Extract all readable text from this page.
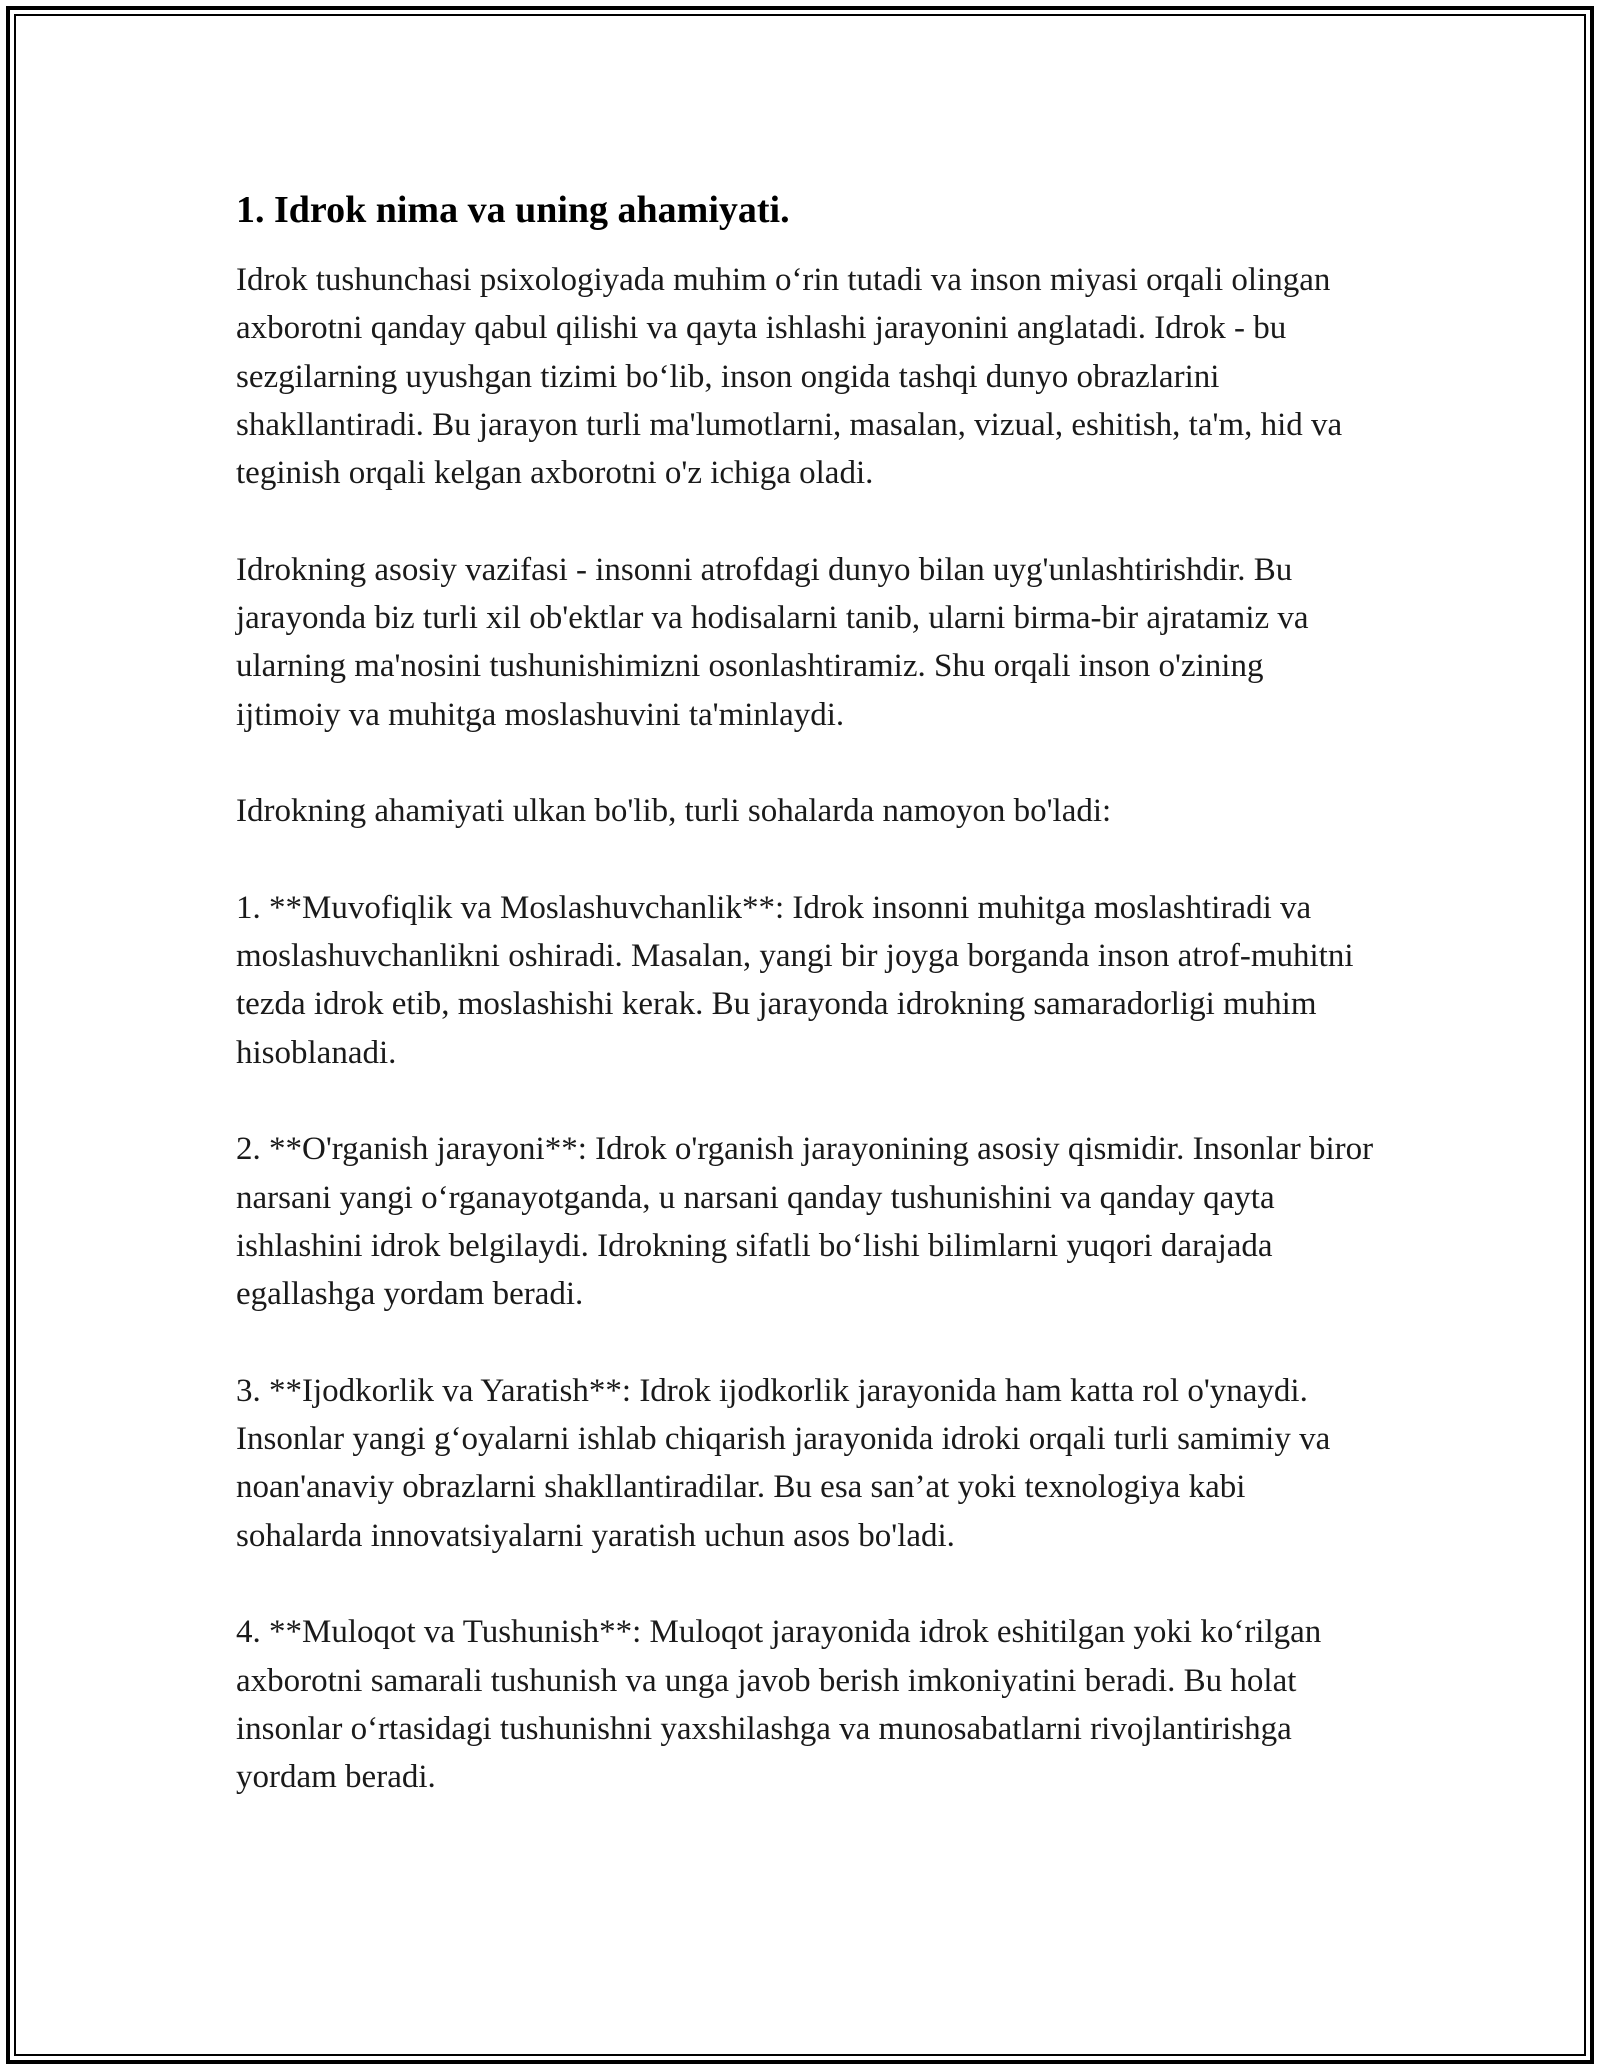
1. Idrok nima va uning ahamiyati.

Idrok tushunchasi psixologiyada muhim o‘rin tutadi va inson miyasi orqali olingan axborotni qanday qabul qilishi va qayta ishlashi jarayonini anglatadi. Idrok - bu sezgilarning uyushgan tizimi bo‘lib, inson ongida tashqi dunyo obrazlarini shakllantiradi. Bu jarayon turli ma'lumotlarni, masalan, vizual, eshitish, ta'm, hid va teginish orqali kelgan axborotni o'z ichiga oladi.

Idrokning asosiy vazifasi - insonni atrofdagi dunyo bilan uyg'unlashtirishdir. Bu jarayonda biz turli xil ob'ektlar va hodisalarni tanib, ularni birma-bir ajratamiz va ularning ma'nosini tushunishimizni osonlashtiramiz. Shu orqali inson o'zining ijtimoiy va muhitga moslashuvini ta'minlaydi.

Idrokning ahamiyati ulkan bo'lib, turli sohalarda namoyon bo'ladi:

1. **Muvofiqlik va Moslashuvchanlik**: Idrok insonni muhitga moslashtiradi va moslashuvchanlikni oshiradi. Masalan, yangi bir joyga borganda inson atrof-muhitni tezda idrok etib, moslashishi kerak. Bu jarayonda idrokning samaradorligi muhim hisoblanadi.

2. **O'rganish jarayoni**: Idrok o'rganish jarayonining asosiy qismidir. Insonlar biror narsani yangi o‘rganayotganda, u narsani qanday tushunishini va qanday qayta ishlashini idrok belgilaydi. Idrokning sifatli bo‘lishi bilimlarni yuqori darajada egallashga yordam beradi.

3. **Ijodkorlik va Yaratish**: Idrok ijodkorlik jarayonida ham katta rol o'ynaydi. Insonlar yangi g‘oyalarni ishlab chiqarish jarayonida idroki orqali turli samimiy va noan'anaviy obrazlarni shakllantiradilar. Bu esa san’at yoki texnologiya kabi sohalarda innovatsiyalarni yaratish uchun asos bo'ladi.

4. **Muloqot va Tushunish**: Muloqot jarayonida idrok eshitilgan yoki ko‘rilgan axborotni samarali tushunish va unga javob berish imkoniyatini beradi. Bu holat insonlar o‘rtasidagi tushunishni yaxshilashga va munosabatlarni rivojlantirishga yordam beradi.
